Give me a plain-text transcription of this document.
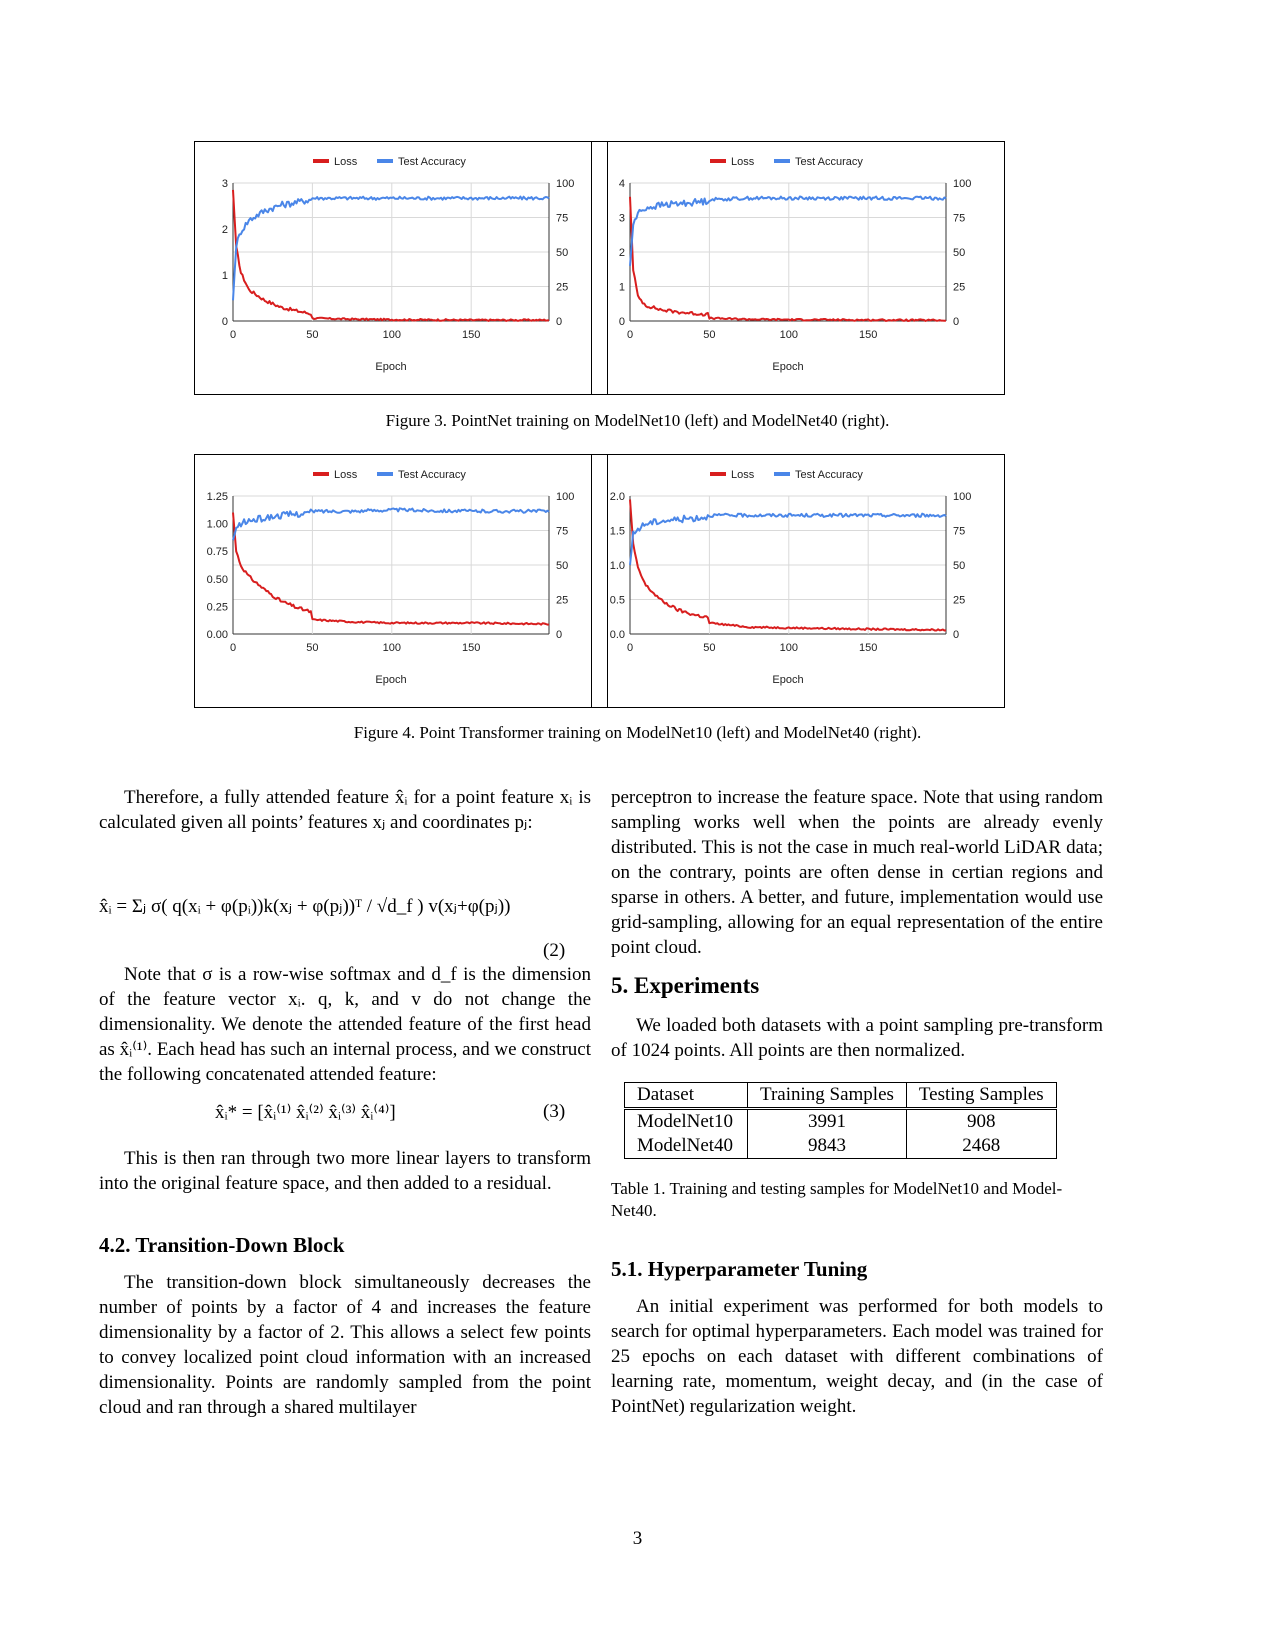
0
1
2
3
0
25
50
75
100
0	50	100	150
Epoch
Loss	Test Accuracy
0
1
2
3
4
0
25
50
75
100
0	50	100	150
Epoch
Loss	Test Accuracy
Figure 3. PointNet training on ModelNet10 (left) and ModelNet40 (right).
0.00
0.25
0.50
0.75
1.00
1.25
0
25
50
75
100
0	50	100	150
Epoch
Loss	Test Accuracy
0.0
0.5
1.0
1.5
2.0
0
25
50
75
100
0	50	100	150
Epoch
Loss	Test Accuracy
Figure 4. Point Transformer training on ModelNet10 (left) and ModelNet40 (right).

Therefore, a fully attended feature x̂ᵢ for a point feature xᵢ is calculated given all points’ features xⱼ and coordinates pⱼ:

x̂ᵢ = Σⱼ σ( q(xᵢ + φ(pᵢ))k(xⱼ + φ(pⱼ))ᵀ / √d_f ) v(xⱼ+φ(pⱼ))
(2)

Note that σ is a row-wise softmax and d_f is the dimension of the feature vector xᵢ. q, k, and v do not change the dimensionality. We denote the attended feature of the first head as x̂ᵢ⁽¹⁾. Each head has such an internal process, and we construct the following concatenated attended feature:

x̂ᵢ* = [x̂ᵢ⁽¹⁾ x̂ᵢ⁽²⁾ x̂ᵢ⁽³⁾ x̂ᵢ⁽⁴⁾]	(3)

This is then ran through two more linear layers to transform into the original feature space, and then added to a residual.

4.2. Transition-Down Block

The transition-down block simultaneously decreases the number of points by a factor of 4 and increases the feature dimensionality by a factor of 2. This allows a select few points to convey localized point cloud information with an increased dimensionality. Points are randomly sampled from the point cloud and ran through a shared multilayer

perceptron to increase the feature space. Note that using random sampling works well when the points are already evenly distributed. This is not the case in much real-world LiDAR data; on the contrary, points are often dense in certian regions and sparse in others. A better, and future, implementation would use grid-sampling, allowing for an equal representation of the entire point cloud.

5. Experiments

We loaded both datasets with a point sampling pre-transform of 1024 points. All points are then normalized.

Dataset	Training Samples	Testing Samples
ModelNet10	3991	908
ModelNet40	9843	2468
Table 1. Training and testing samples for ModelNet10 and Model-Net40.
5.1. Hyperparameter Tuning

An initial experiment was performed for both models to search for optimal hyperparameters. Each model was trained for 25 epochs on each dataset with different combinations of learning rate, momentum, weight decay, and (in the case of PointNet) regularization weight.

3
